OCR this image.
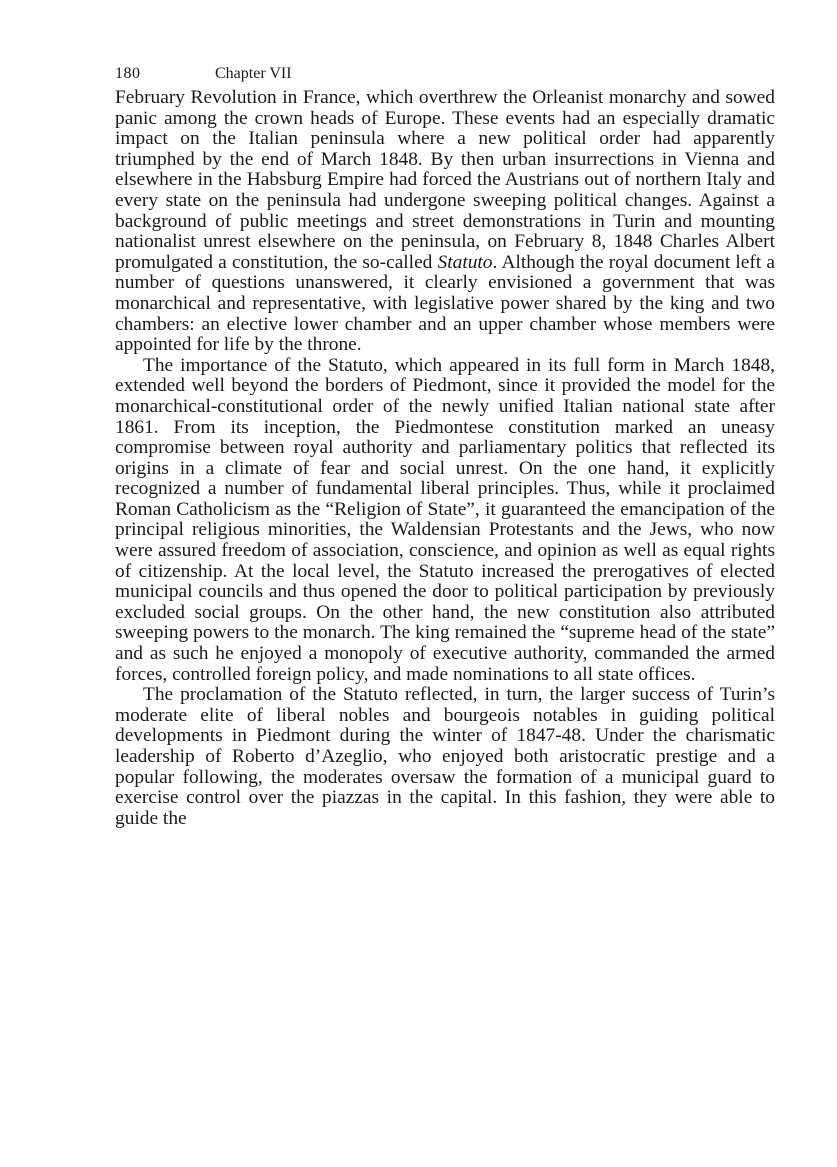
180	Chapter VII

February Revolution in France, which overthrew the Orleanist monarchy and sowed panic among the crown heads of Europe. These events had an especially dramatic impact on the Italian peninsula where a new political order had apparently triumphed by the end of March 1848. By then urban insurrections in Vienna and elsewhere in the Habsburg Empire had forced the Austrians out of northern Italy and every state on the peninsula had undergone sweeping political changes. Against a background of public meetings and street demonstrations in Turin and mounting nationalist unrest elsewhere on the peninsula, on February 8, 1848 Charles Albert promulgated a constitution, the so-called Statuto. Although the royal document left a number of questions unanswered, it clearly envisioned a government that was monarchical and representative, with legislative power shared by the king and two chambers: an elective lower chamber and an upper chamber whose members were appointed for life by the throne.

The importance of the Statuto, which appeared in its full form in March 1848, extended well beyond the borders of Piedmont, since it provided the model for the monarchical-constitutional order of the newly unified Italian national state after 1861. From its inception, the Piedmontese constitution marked an uneasy compromise between royal authority and parliamentary politics that reflected its origins in a climate of fear and social unrest. On the one hand, it explicitly recognized a number of fundamental liberal principles. Thus, while it proclaimed Roman Catholicism as the “Religion of State”, it guaranteed the emancipation of the principal religious minorities, the Waldensian Protestants and the Jews, who now were assured freedom of association, conscience, and opinion as well as equal rights of citizenship. At the local level, the Statuto increased the prerogatives of elected municipal councils and thus opened the door to political participation by previously excluded social groups. On the other hand, the new constitution also attributed sweeping powers to the monarch. The king remained the “supreme head of the state” and as such he enjoyed a monopoly of executive authority, commanded the armed forces, controlled foreign policy, and made nominations to all state offices.

The proclamation of the Statuto reflected, in turn, the larger success of Turin’s moderate elite of liberal nobles and bourgeois notables in guiding political developments in Piedmont during the winter of 1847-48. Under the charismatic leadership of Roberto d’Azeglio, who enjoyed both aristocratic prestige and a popular following, the moderates oversaw the formation of a municipal guard to exercise control over the piazzas in the capital. In this fashion, they were able to guide the
